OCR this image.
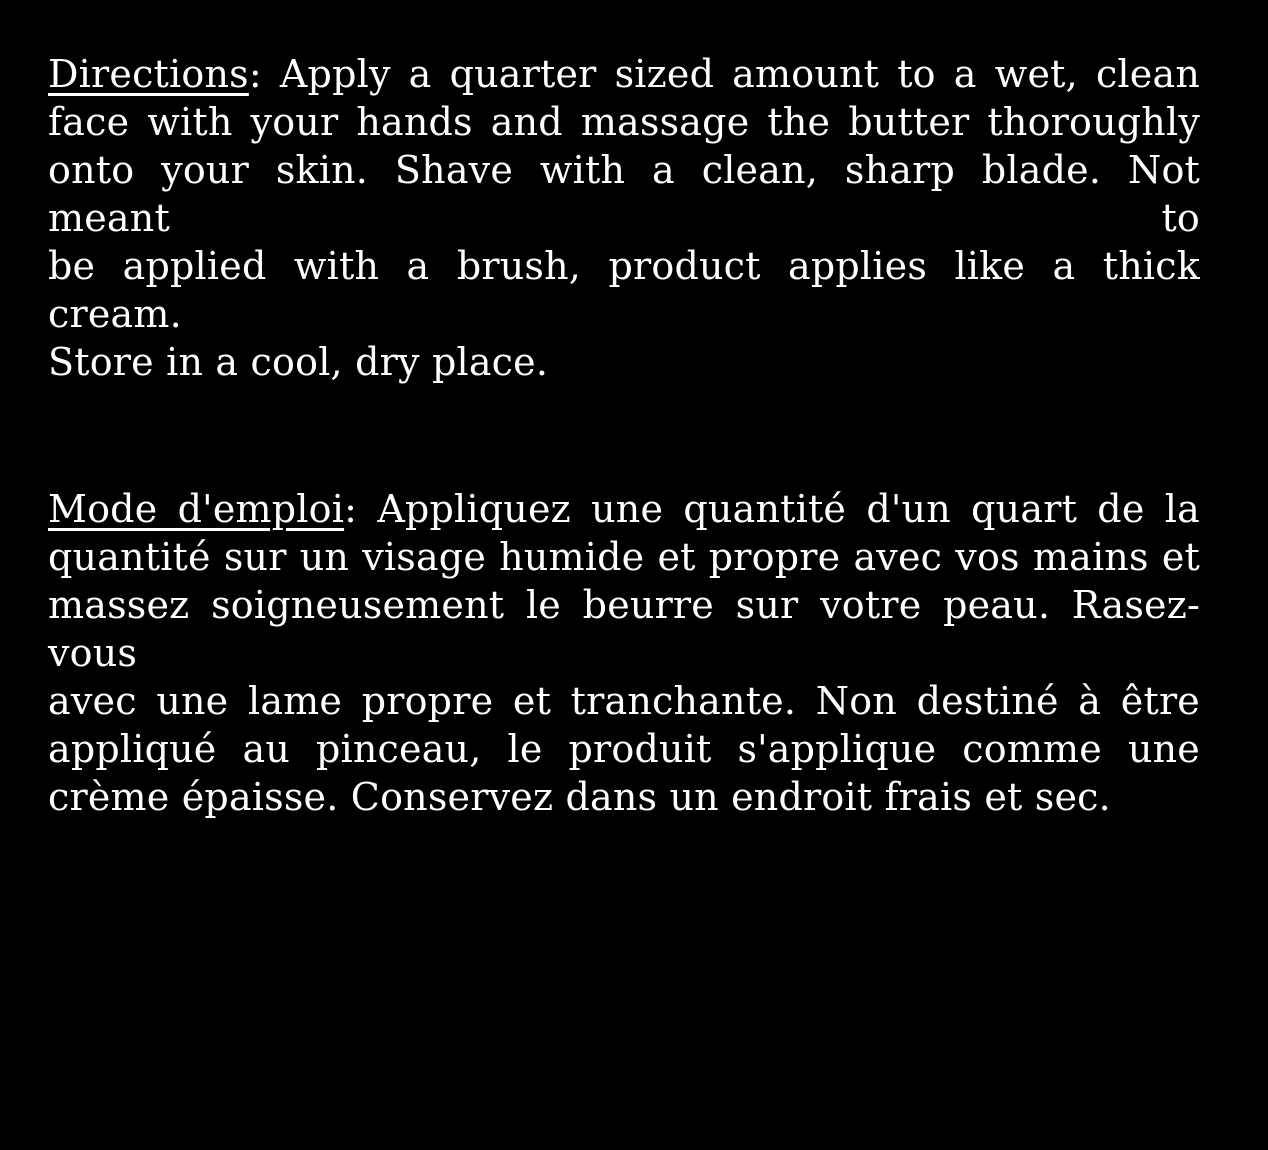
Directions: Apply a quarter sized amount to a wet, clean
face with your hands and massage the butter thoroughly
onto your skin. Shave with a clean, sharp blade. Not meant to
be applied with a brush, product applies like a thick cream.
Store in a cool, dry place.
Mode d'emploi: Appliquez une quantité d'un quart de la
quantité sur un visage humide et propre avec vos mains et
massez soigneusement le beurre sur votre peau. Rasez-vous
avec une lame propre et tranchante. Non destiné à être
appliqué au pinceau, le produit s'applique comme une
crème épaisse. Conservez dans un endroit frais et sec.
